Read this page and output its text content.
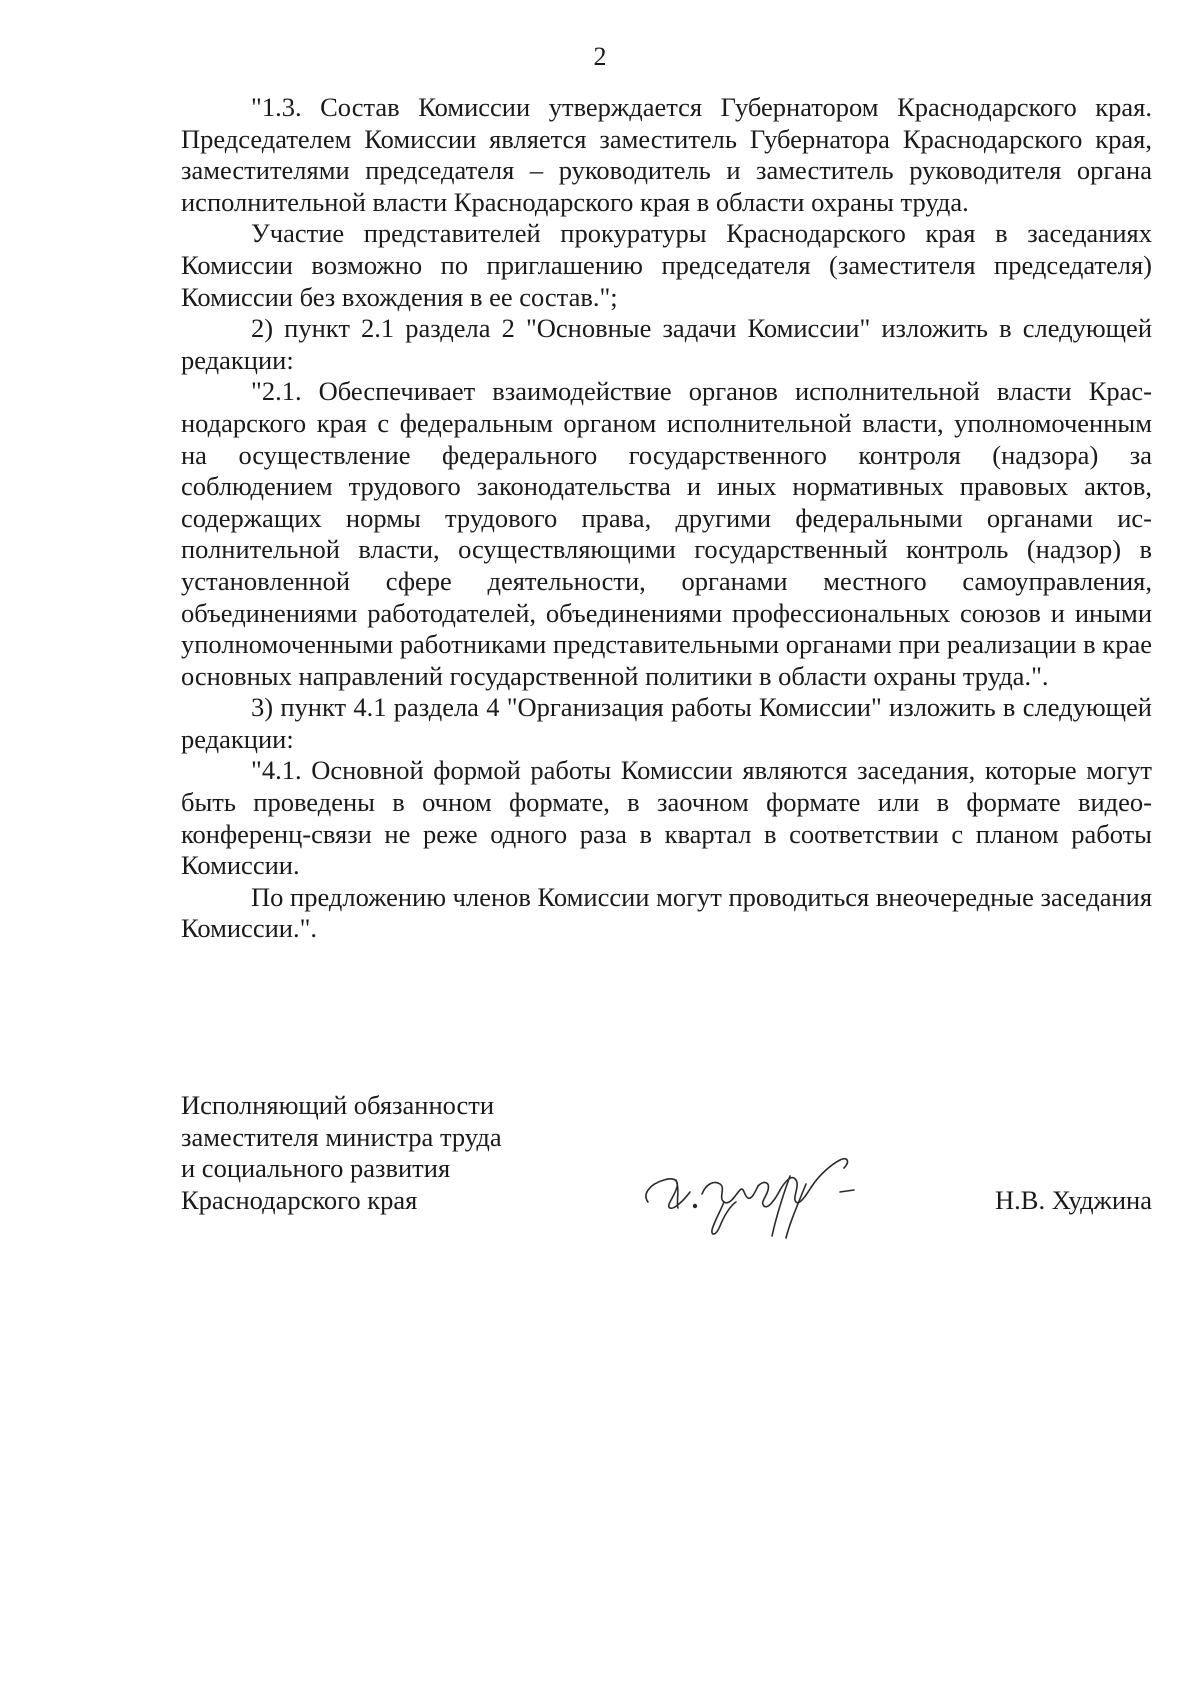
2

"1.3. Состав Комиссии утверждается Губернатором Краснодарского края. Председателем Комиссии является заместитель Губернатора Краснодарского края, заместителями председателя – руководитель и заместитель руководителя органа исполнительной власти Краснодарского края в области охраны труда.

Участие представителей прокуратуры Краснодарского края в заседаниях Комиссии возможно по приглашению председателя (заместителя председателя) Комиссии без вхождения в ее состав.";

2) пункт 2.1 раздела 2 "Основные задачи Комиссии" изложить в следующей редакции:

"2.1. Обеспечивает взаимодействие органов исполнительной власти Краснодарского края с федеральным органом исполнительной власти, уполномоченным на осуществление федерального государственного контроля (надзора) за соблюдением трудового законодательства и иных нормативных правовых актов, содержащих нормы трудового права, другими федеральными органами исполнительной власти, осуществляющими государственный контроль (надзор) в установленной сфере деятельности, органами местного самоуправления, объединениями работодателей, объединениями профессиональных союзов и иными уполномоченными работниками представительными органами при реализации в крае основных направлений государственной политики в области охраны труда.".

3) пункт 4.1 раздела 4 "Организация работы Комиссии" изложить в следующей редакции:

"4.1. Основной формой работы Комиссии являются заседания, которые могут быть проведены в очном формате, в заочном формате или в формате видео-конференц-связи не реже одного раза в квартал в соответствии с планом работы Комиссии.

По предложению членов Комиссии могут проводиться внеочередные заседания Комиссии.".

Исполняющий обязанности
заместителя министра труда
и социального развития
Краснодарского края	Н.В. Худжина
